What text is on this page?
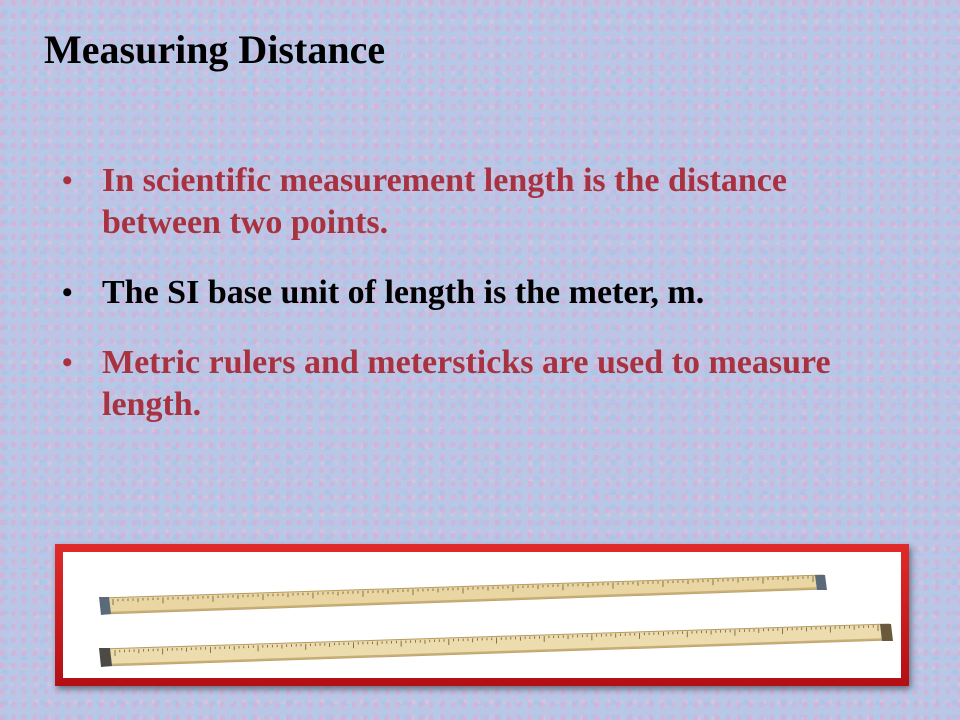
Measuring Distance
• In scientific measurement length is the distance between two points.
• The SI base unit of length is the meter, m.
• Metric rulers and metersticks are used to measure length.
